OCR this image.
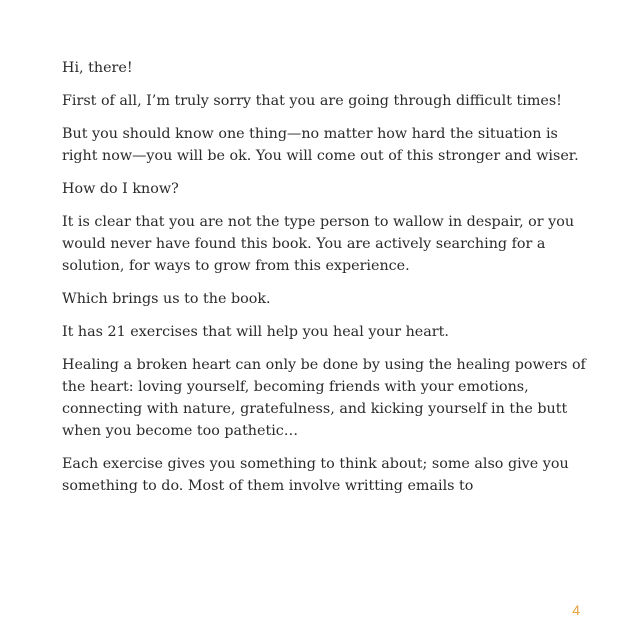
Hi, there!

First of all, I’m truly sorry that you are going through difficult times!

But you should know one thing—no matter how hard the situation is right now—you will be ok. You will come out of this stronger and wiser.

How do I know?

It is clear that you are not the type person to wallow in despair, or you would never have found this book. You are actively searching for a solution, for ways to grow from this experience.

Which brings us to the book.

It has 21 exercises that will help you heal your heart.

Healing a broken heart can only be done by using the healing powers of the heart: loving yourself, becoming friends with your emotions, connecting with nature, gratefulness, and kicking yourself in the butt when you become too pathetic…

Each exercise gives you something to think about; some also give you something to do. Most of them involve writting emails to

4
